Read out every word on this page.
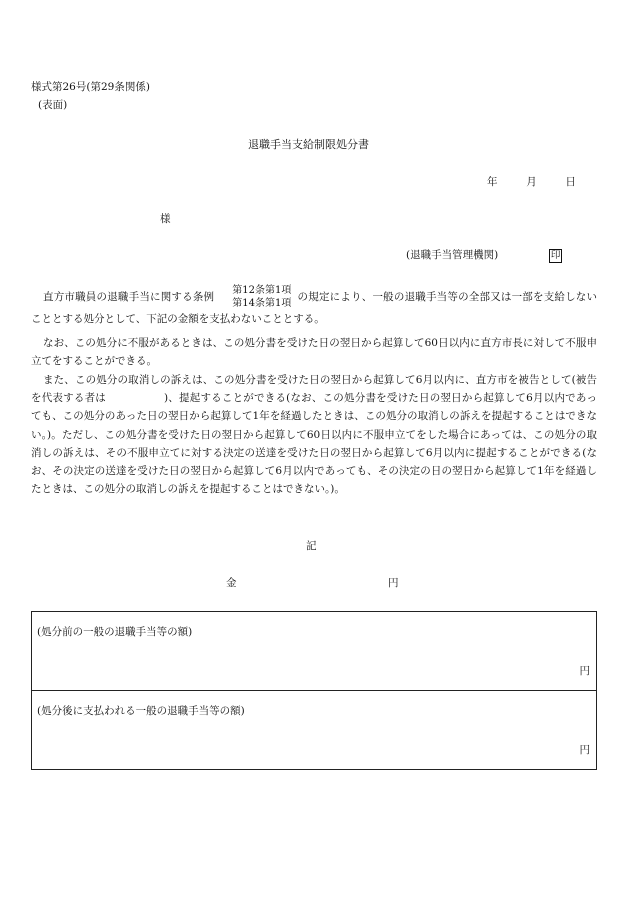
様式第26号(第29条関係)
(表面)
退職手当支給制限処分書
年	月	日
様
(退職手当管理機関)	印
直方市職員の退職手当に関する条例
第12条第1項
第14条第1項
の規定により、一般の退職手当等の全部又は一部を支給しないこととする処分として、下記の金額を支払わないこととする。
なお、この処分に不服があるときは、この処分書を受けた日の翌日から起算して60日以内に直方市長に対して不服申立てをすることができる。
また、この処分の取消しの訴えは、この処分書を受けた日の翌日から起算して6月以内に、直方市を被告として(被告を代表する者は	)、提起することができる(なお、この処分書を受けた日の翌日から起算して6月以内であっても、この処分のあった日の翌日から起算して1年を経過したときは、この処分の取消しの訴えを提起することはできない。)。ただし、この処分書を受けた日の翌日から起算して60日以内に不服申立てをした場合にあっては、この処分の取消しの訴えは、その不服申立てに対する決定の送達を受けた日の翌日から起算して6月以内に提起することができる(なお、その決定の送達を受けた日の翌日から起算して6月以内であっても、その決定の日の翌日から起算して1年を経過したときは、この処分の取消しの訴えを提起することはできない。)。
記
金	円
(処分前の一般の退職手当等の額)
円
(処分後に支払われる一般の退職手当等の額)
円
